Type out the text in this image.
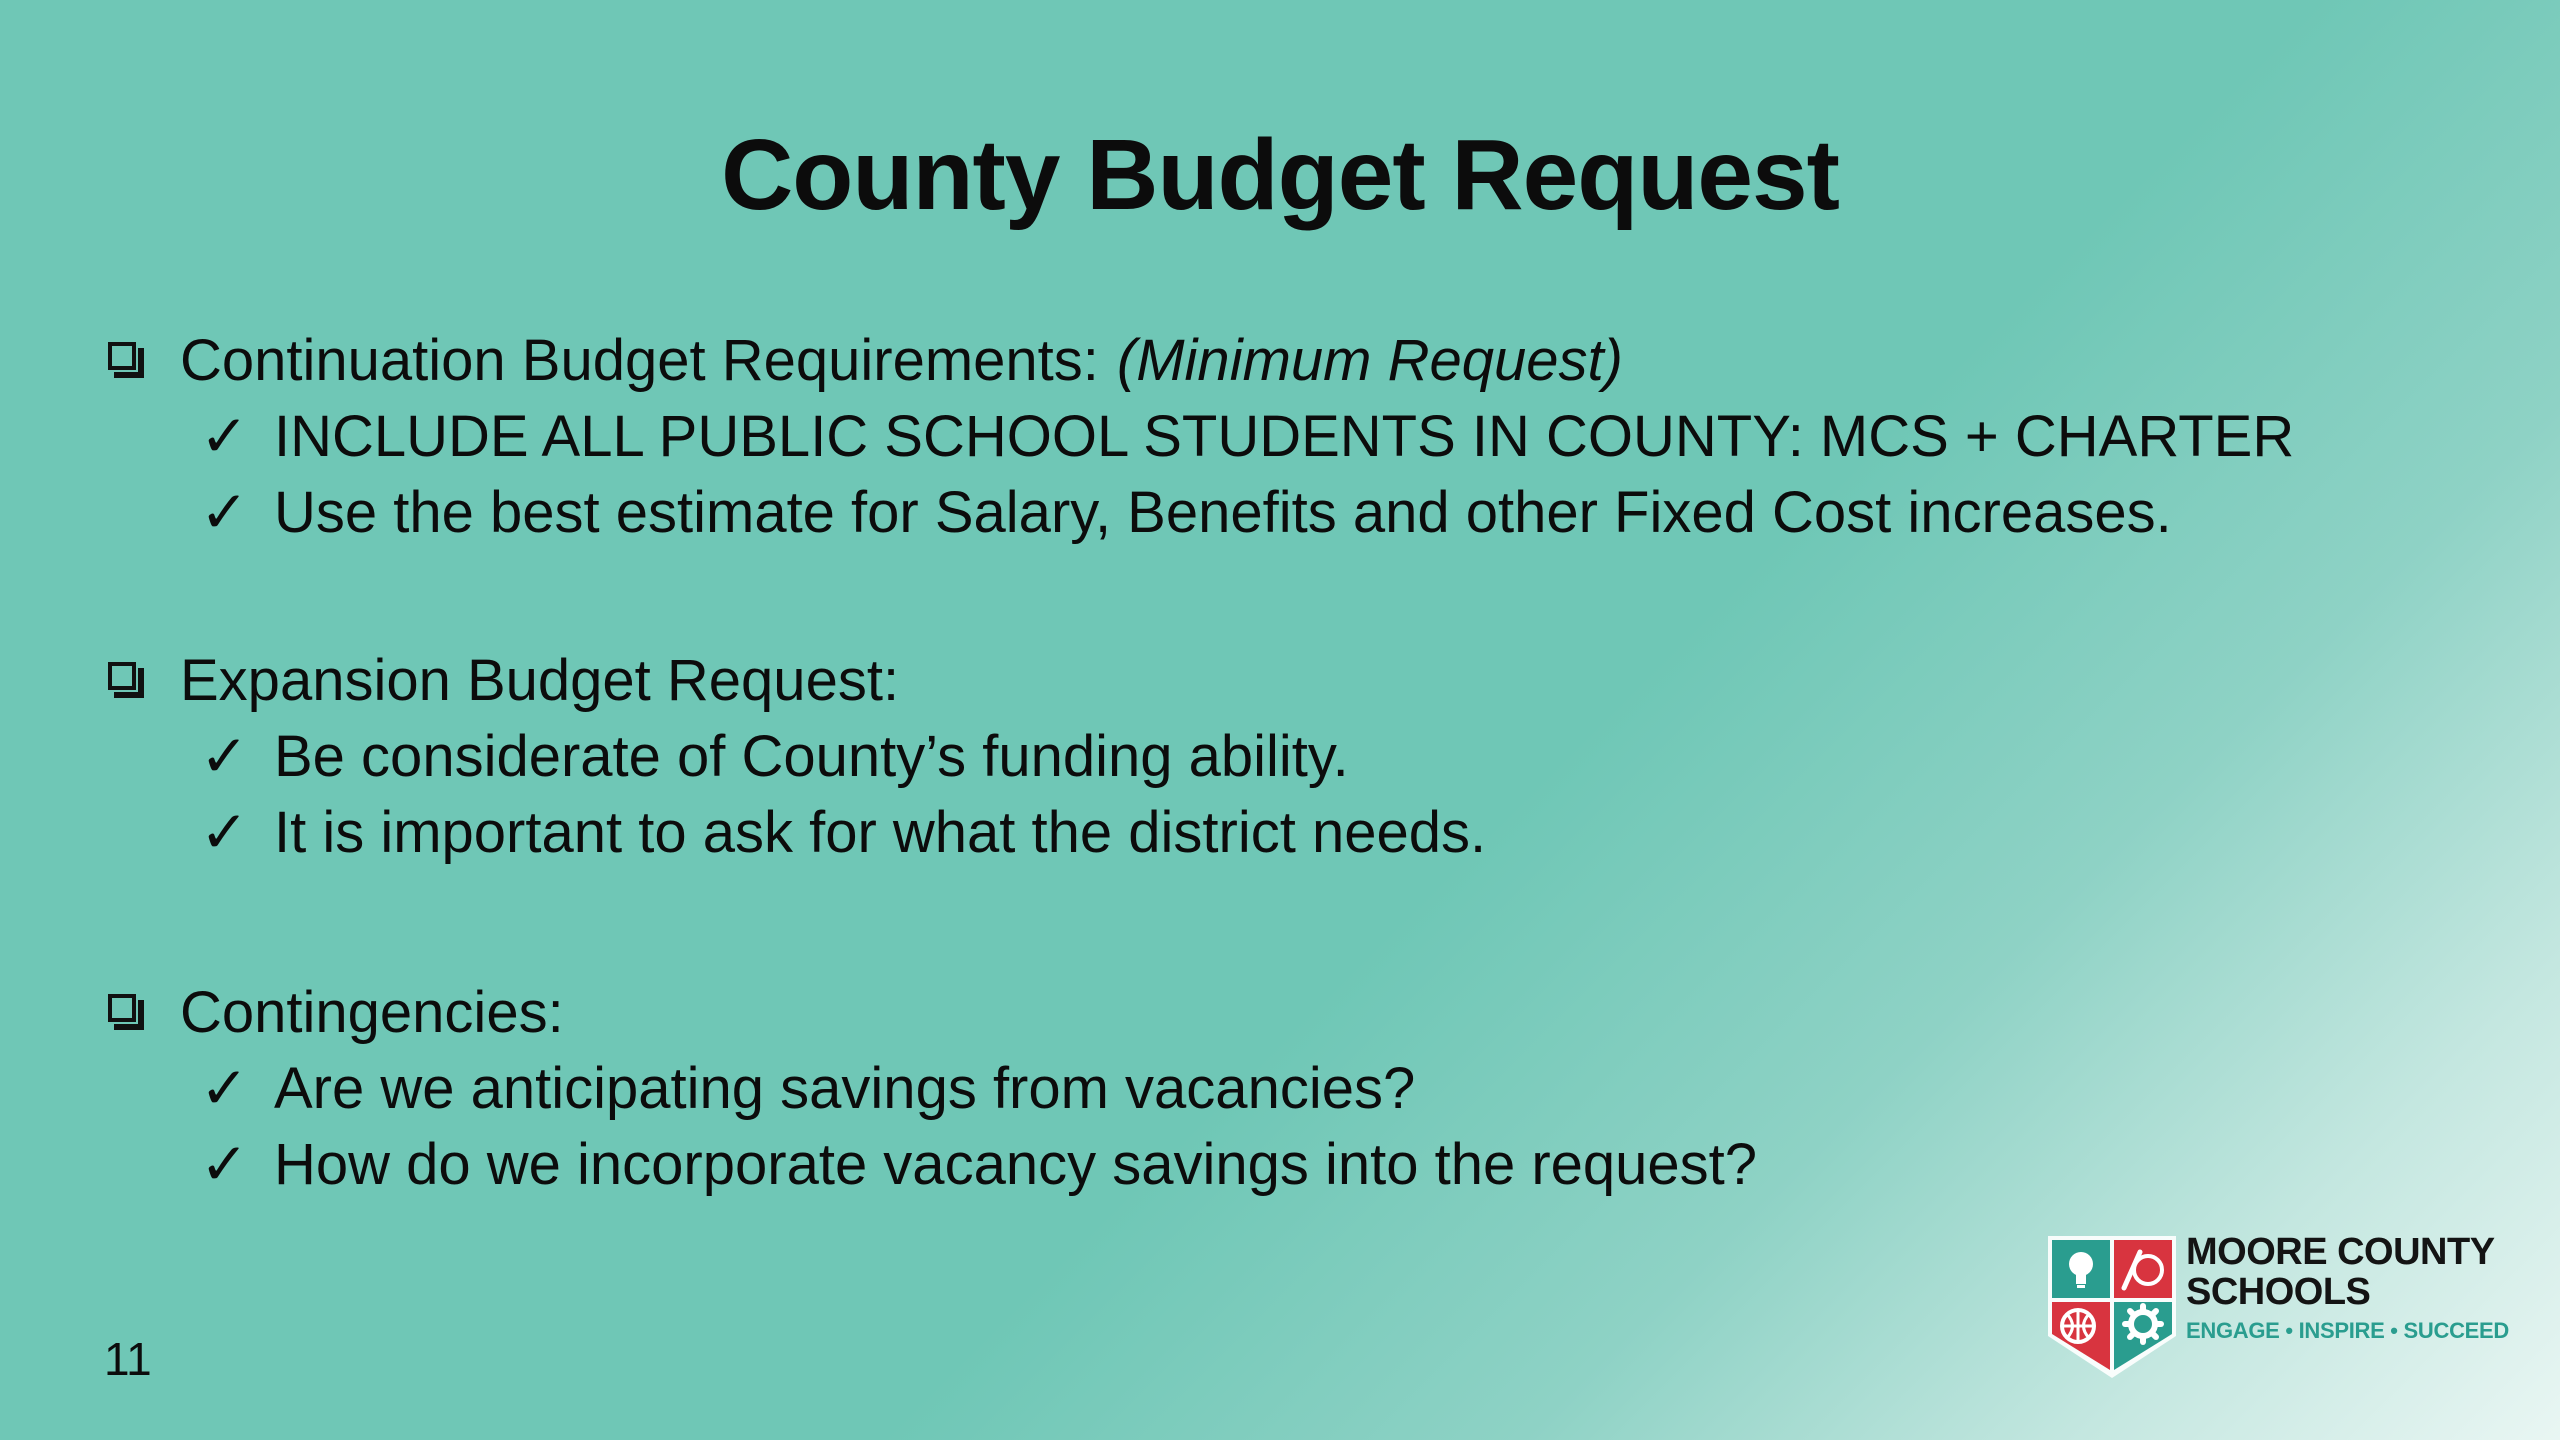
County Budget Request
Continuation Budget Requirements: (Minimum Request)
✓ INCLUDE ALL PUBLIC SCHOOL STUDENTS IN COUNTY: MCS + CHARTER
✓ Use the best estimate for Salary, Benefits and other Fixed Cost increases.
Expansion Budget Request:
✓ Be considerate of County’s funding ability.
✓ It is important to ask for what the district needs.
Contingencies:
✓ Are we anticipating savings from vacancies?
✓ How do we incorporate vacancy savings into the request?
11
MOORE COUNTY
SCHOOLS
ENGAGE • INSPIRE • SUCCEED
